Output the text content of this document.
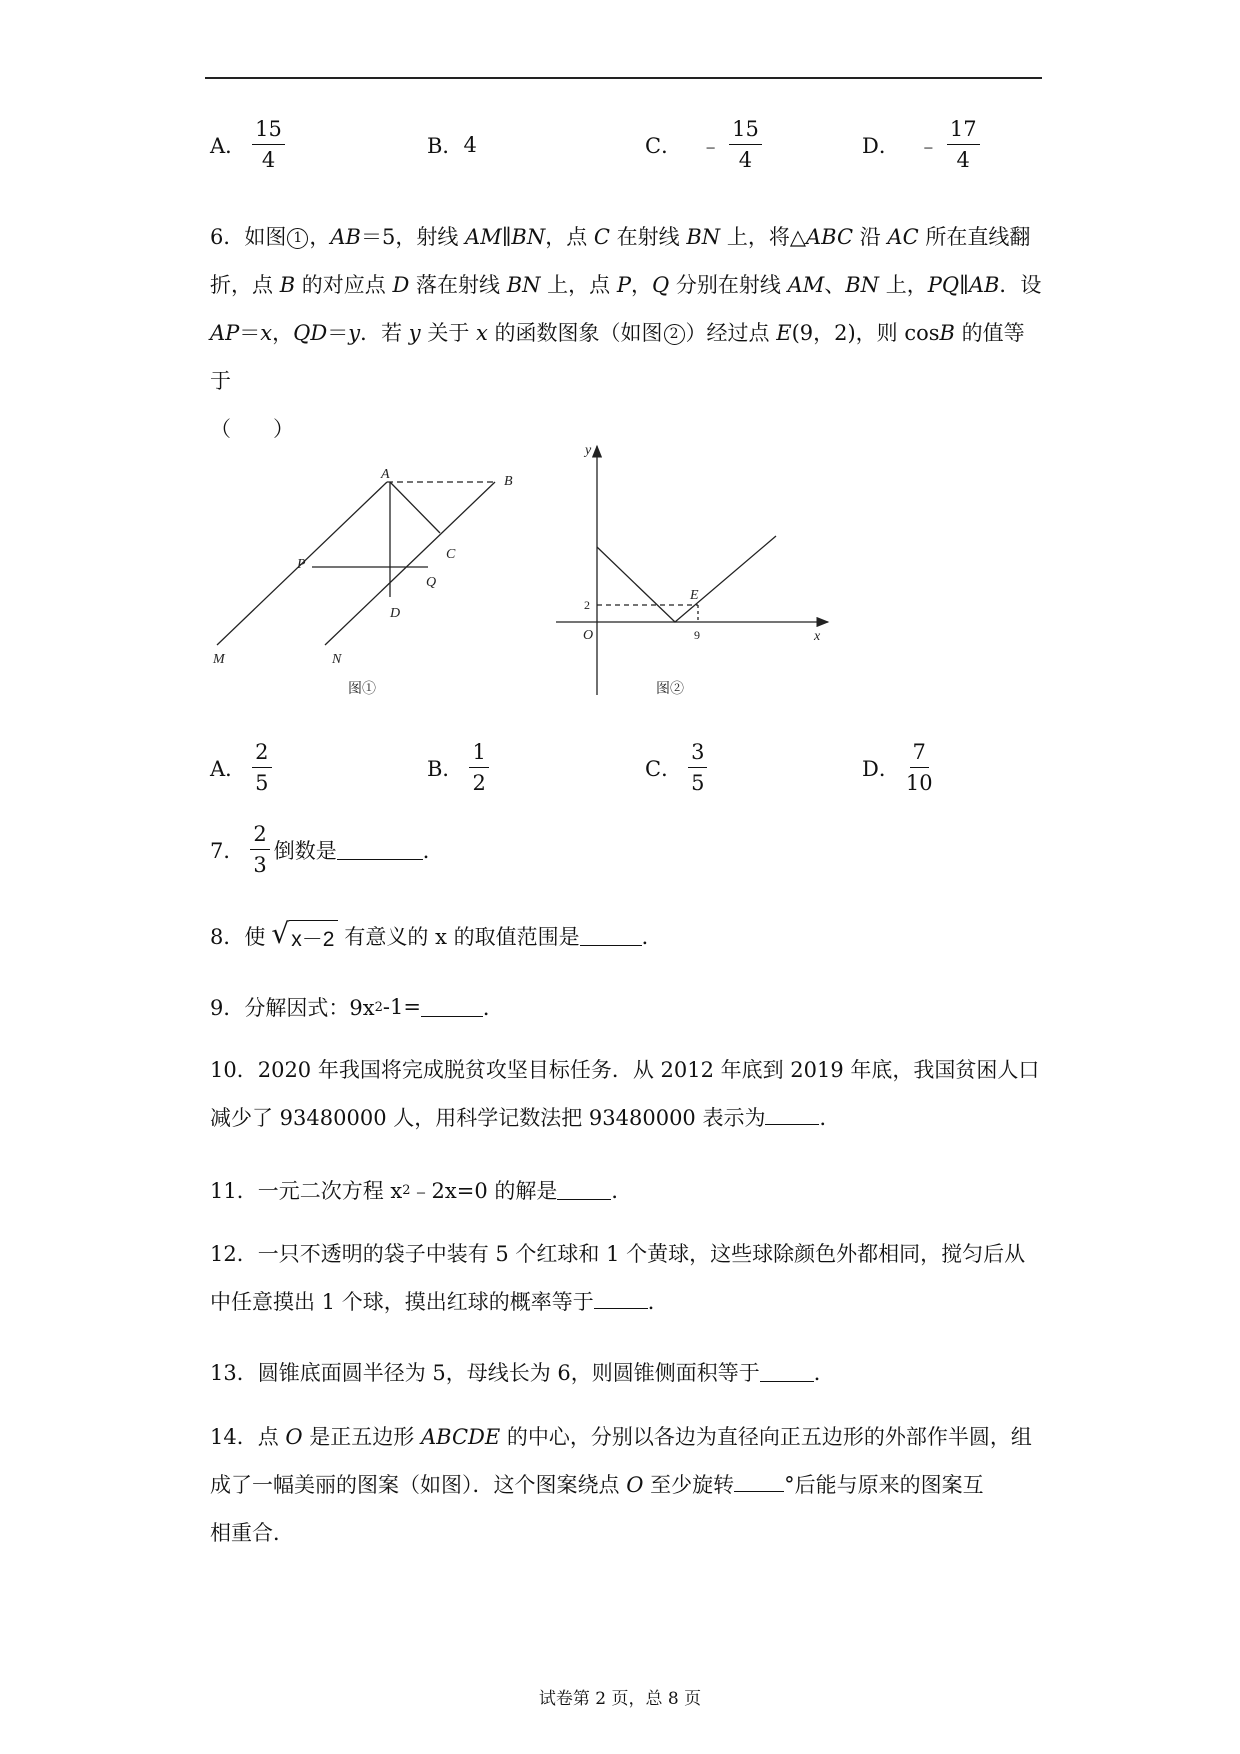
A． $\frac{15}{4}$	B． 4	C． ﹣ $\frac{15}{4}$	D． ﹣ $\frac{17}{4}$
6．如图 1 ，AB＝5，射线 AM∥BN，点 C 在射线 BN 上，将△ABC 沿 AC 所在直线翻
折，点 B 的对应点 D 落在射线 BN 上，点 P，Q 分别在射线 AM、BN 上，PQ∥AB．设
AP＝x，QD＝y．若 y 关于 x 的函数图象（如图 2 ）经过点 E(9，2)，则 cosB 的值等于
（　　）
A	B
C
P
Q
D
M	N
图①
y
x
O
E
2
9
图②
A． $\frac{2}{5}$	B． $\frac{1}{2}$	C． $\frac{3}{5}$	D． $\frac{7}{10}$
7． $\frac{2}{3}$ 倒数是	．
8．使 √ x－2 有意义的 x 的取值范围是	．
9．分解因式：9x 2 -1=	．
10．2020 年我国将完成脱贫攻坚目标任务．从 2012 年底到 2019 年底，我国贫困人口
减少了 93480000 人，用科学记数法把 93480000 表示为	．
11．一元二次方程 x 2 ﹣2x=0 的解是	．
12．一只不透明的袋子中装有 5 个红球和 1 个黄球，这些球除颜色外都相同，搅匀后从
中任意摸出 1 个球，摸出红球的概率等于	．
13．圆锥底面圆半径为 5，母线长为 6，则圆锥侧面积等于	．
14．点 O 是正五边形 ABCDE 的中心，分别以各边为直径向正五边形的外部作半圆，组
成了一幅美丽的图案（如图）．这个图案绕点 O 至少旋转 °后能与原来的图案互
相重合．
试卷第 2 页，总 8 页
